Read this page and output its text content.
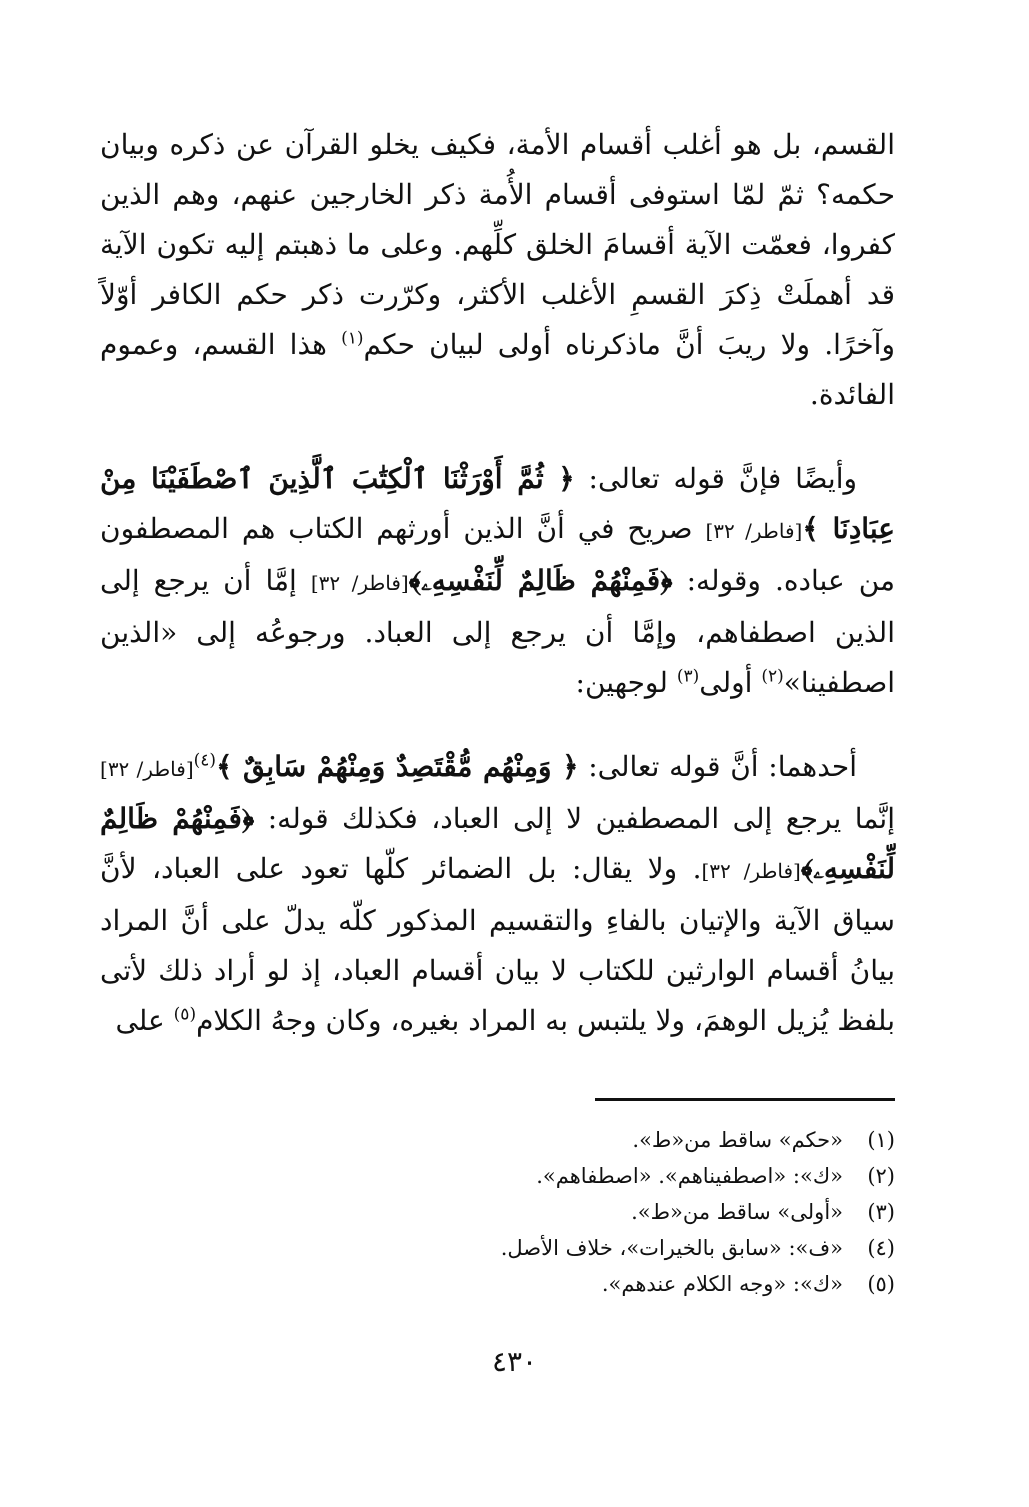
القسم، بل هو أغلب أقسام الأمة، فكيف يخلو القرآن عن ذكره وبيان حكمه؟ ثمّ لمّا استوفى أقسام الأُمة ذكر الخارجين عنهم، وهم الذين كفروا، فعمّت الآية أقسامَ الخلق كلِّهم. وعلى ما ذهبتم إليه تكون الآية قد أهملَتْ ذِكرَ القسمِ الأغلب الأكثر، وكرّرت ذكر حكم الكافر أوّلاً وآخرًا. ولا ريبَ أنَّ ماذكرناه أولى لبيان حكم$^{(١)}$ هذا القسم، وعموم الفائدة.

وأيضًا فإنَّ قوله تعالى: ﴿ ثُمَّ أَوْرَثْنَا ٱلْكِتَٰبَ ٱلَّذِينَ ٱصْطَفَيْنَا مِنْ عِبَادِنَا ﴾[فاطر/ ٣٢] صريح في أنَّ الذين أورثهم الكتاب هم المصطفون من عباده. وقوله: ﴿فَمِنْهُمْ ظَالِمٌ لِّنَفْسِهِۦ﴾[فاطر/ ٣٢] إمَّا أن يرجع إلى الذين اصطفاهم، وإمَّا أن يرجع إلى العباد. ورجوعُه إلى «الذين اصطفينا»$^{(٢)}$ أولى$^{(٣)}$ لوجهين:

أحدهما: أنَّ قوله تعالى: ﴿ وَمِنْهُم مُّقْتَصِدٌ وَمِنْهُمْ سَابِقٌ ﴾$^{(٤)}$[فاطر/ ٣٢] إنَّما يرجع إلى المصطفين لا إلى العباد، فكذلك قوله: ﴿فَمِنْهُمْ ظَالِمٌ لِّنَفْسِهِۦ﴾[فاطر/ ٣٢]. ولا يقال: بل الضمائر كلّها تعود على العباد، لأنَّ سياق الآية والإتيان بالفاءِ والتقسيم المذكور كلّه يدلّ على أنَّ المراد بيانُ أقسام الوارثين للكتاب لا بيان أقسام العباد، إذ لو أراد ذلك لأتى بلفظ يُزيل الوهمَ، ولا يلتبس به المراد بغيره، وكان وجهُ الكلام$^{(٥)}$ على

(١)
«حكم» ساقط من«ط».
(٢)
«ك»: «اصطفيناهم». «اصطفاهم».
(٣)
«أولى» ساقط من«ط».
(٤)
«ف»: «سابق بالخيرات»، خلاف الأصل.
(٥)
«ك»: «وجه الكلام عندهم».
٤٣٠
